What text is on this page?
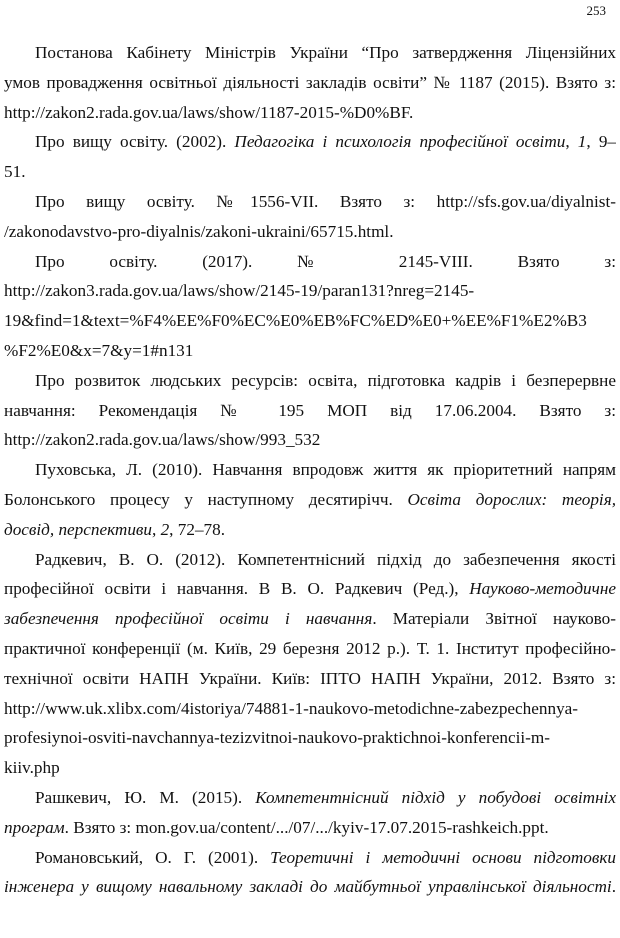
253
Постанова Кабінету Міністрів України “Про затвердження Ліцензійних
умов провадження освітньої діяльності закладів освіти” № 1187 (2015). Взято з:
http://zakon2.rada.gov.ua/laws/show/1187-2015-%D0%BF.
Про вищу освіту. (2002). Педагогіка і психологія професійної освіти, 1, 9–
51.
Про вищу освіту. №1556-VII. Взято з: http://sfs.gov.ua/diyalnist-
/zakonodavstvo-pro-diyalnis/zakoni-ukraini/65715.html.
Про освіту. (2017). № 2145-VIII. Взято з:
http://zakon3.rada.gov.ua/laws/show/2145-19/paran131?nreg=2145-
19&find=1&text=%F4%EE%F0%EC%E0%EB%FC%ED%E0+%EE%F1%E2%B3
%F2%E0&x=7&y=1#n131
Про розвиток людських ресурсів: освіта, підготовка кадрів і безперервне
навчання: Рекомендація № 195 МОП від 17.06.2004. Взято з:
http://zakon2.rada.gov.ua/laws/show/993_532
Пуховська, Л. (2010). Навчання впродовж життя як пріоритетний напрям
Болонського процесу у наступному десятирічч. Освіта дорослих: теорія,
досвід, перспективи, 2, 72–78.
Радкевич, В. О. (2012). Компетентнісний підхід до забезпечення якості
професійної освіти і навчання. В В. О. Радкевич (Ред.), Науково-методичне
забезпечення професійної освіти і навчання. Матеріали Звітної науково-
практичної конференції (м. Київ, 29 березня 2012 р.). Т. 1. Інститут професійно-
технічної освіти НАПН України. Київ: ІПТО НАПН України, 2012. Взято з:
http://www.uk.xlibx.com/4istoriya/74881-1-naukovo-metodichne-zabezpechennya-
profesiynoi-osviti-navchannya-tezizvitnoi-naukovo-praktichnoi-konferencii-m-
kiiv.php
Рашкевич, Ю. М. (2015). Компетентнісний підхід у побудові освітніх
програм. Взято з: mon.gov.ua/content/.../07/.../kyiv-17.07.2015-rashkeich.ppt.
Романовський, О. Г. (2001). Теоретичні і методичні основи підготовки
інженера у вищому навальному закладі до майбутньої управлінської діяльності.
